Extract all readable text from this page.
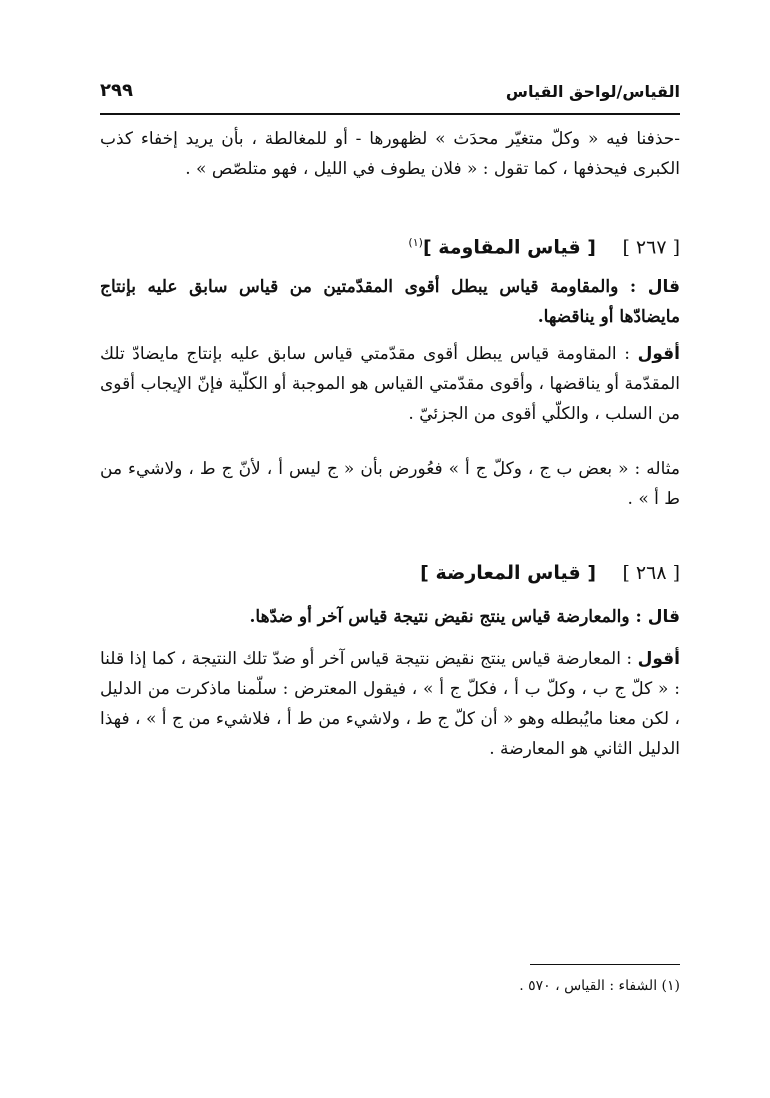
القياس/لواحق القياس
٢٩٩
-حذفنا فيه « وكلّ متغيّر محدَث » لظهورها - أو للمغالطة ، بأن يريد إخفاء كذب الكبرى فيحذفها ، كما تقول : « فلان يطوف في الليل ، فهو متلصّص » .
[ ٢٦٧ ]    [ قياس المقاومة ]$^{(١)}$
قال : والمقاومة قياس يبطل أقوى المقدّمتين من قياس سابق عليه بإنتاج مايضادّها أو يناقضها.
أقول : المقاومة قياس يبطل أقوى مقدّمتي قياس سابق عليه بإنتاج مايضادّ تلك المقدّمة أو يناقضها ، وأقوى مقدّمتي القياس هو الموجبة أو الكلّية فإنّ الإيجاب أقوى من السلب ، والكلّي أقوى من الجزئيّ .
مثاله : « بعض ب ج ، وكلّ ج أ » فعُورض بأن « ج ليس أ ، لأنّ ج ط ، ولاشيء من ط أ » .
[ ٢٦٨ ]    [ قياس المعارضة ]
قال : والمعارضة قياس ينتج نقيض نتيجة قياس آخر أو ضدّها.
أقول : المعارضة قياس ينتج نقيض نتيجة قياس آخر أو ضدّ تلك النتيجة ، كما إذا قلنا : « كلّ ج ب ، وكلّ ب أ ، فكلّ ج أ » ، فيقول المعترض : سلّمنا ماذكرت من الدليل ، لكن معنا مايُبطله وهو « أن كلّ ج ط ، ولاشيء من ط أ ، فلاشيء من ج أ » ، فهذا الدليل الثاني هو المعارضة .
(١) الشفاء : القياس ، ٥٧٠ .
